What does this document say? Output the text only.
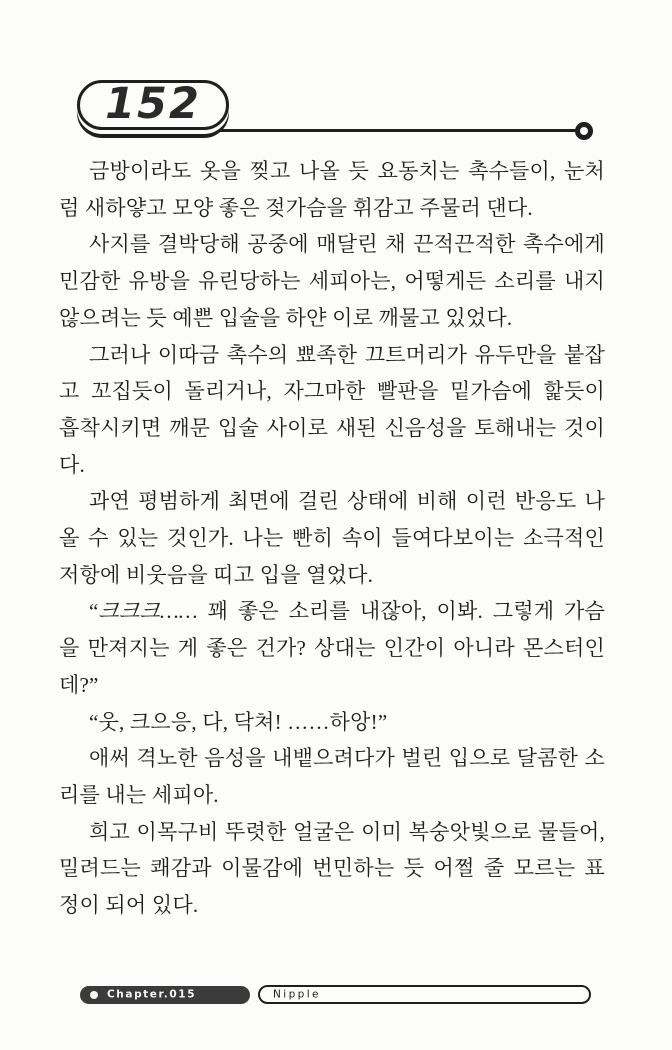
152
금방이라도 옷을 찢고 나올 듯 요동치는 촉수들이, 눈처
럼 새하얗고 모양 좋은 젖가슴을 휘감고 주물러 댄다.
사지를 결박당해 공중에 매달린 채 끈적끈적한 촉수에게
민감한 유방을 유린당하는 세피아는, 어떻게든 소리를 내지
않으려는 듯 예쁜 입술을 하얀 이로 깨물고 있었다.
그러나 이따금 촉수의 뾰족한 끄트머리가 유두만을 붙잡
고 꼬집듯이 돌리거나, 자그마한 빨판을 밑가슴에 핥듯이
흡착시키면 깨문 입술 사이로 새된 신음성을 토해내는 것이
다.
과연 평범하게 최면에 걸린 상태에 비해 이런 반응도 나
올 수 있는 것인가. 나는 빤히 속이 들여다보이는 소극적인
저항에 비웃음을 띠고 입을 열었다.
“크크크…… 꽤 좋은 소리를 내잖아, 이봐. 그렇게 가슴
을 만져지는 게 좋은 건가? 상대는 인간이 아니라 몬스터인
데?”
“웃, 크으응, 다, 닥쳐! ……하앙!”
애써 격노한 음성을 내뱉으려다가 벌린 입으로 달콤한 소
리를 내는 세피아.
희고 이목구비 뚜렷한 얼굴은 이미 복숭앗빛으로 물들어,
밀려드는 쾌감과 이물감에 번민하는 듯 어쩔 줄 모르는 표
정이 되어 있다.
Chapter.015	Nipple
